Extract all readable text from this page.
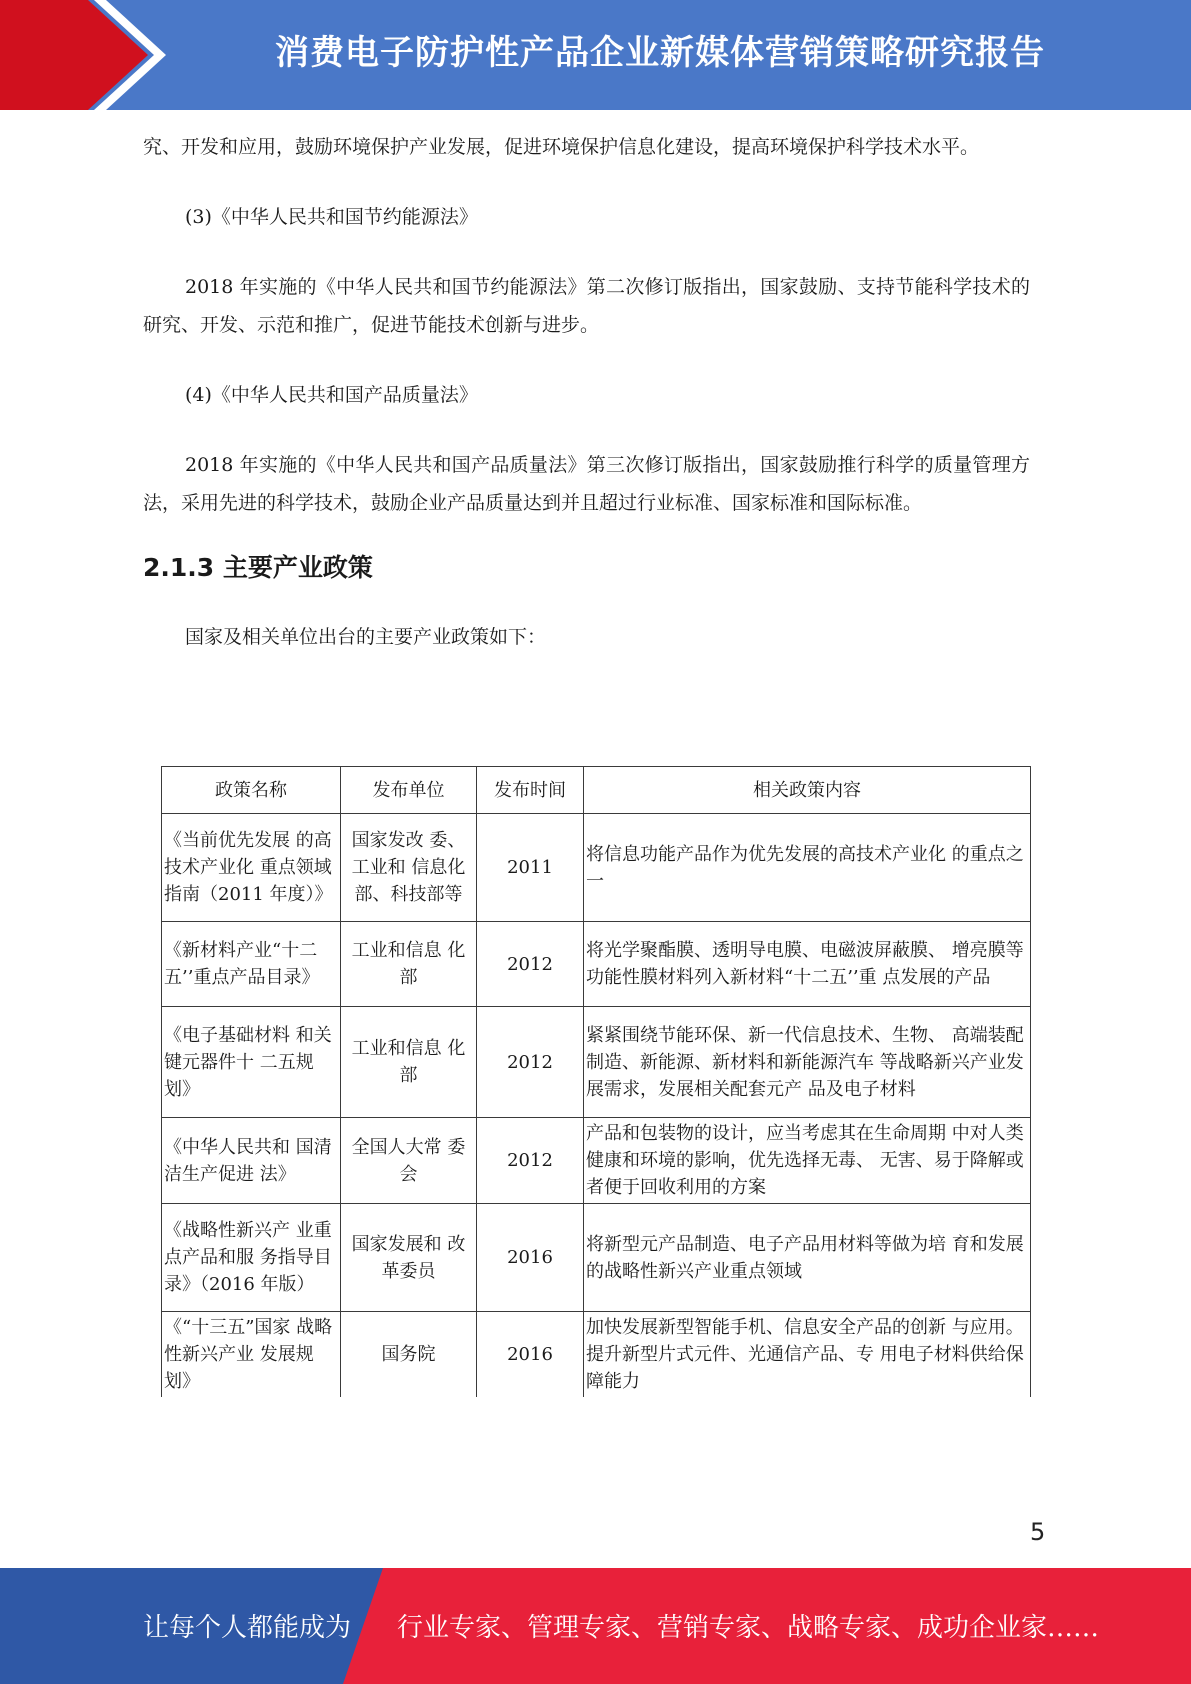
消费电子防护性产品企业新媒体营销策略研究报告

究、开发和应用，鼓励环境保护产业发展，促进环境保护信息化建设，提高环境保护科学技术水平。

(3)《中华人民共和国节约能源法》

2018 年实施的《中华人民共和国节约能源法》第二次修订版指出，国家鼓励、支持节能科学技术的研究、开发、示范和推广，促进节能技术创新与进步。

(4)《中华人民共和国产品质量法》

2018 年实施的《中华人民共和国产品质量法》第三次修订版指出，国家鼓励推行科学的质量管理方法，采用先进的科学技术，鼓励企业产品质量达到并且超过行业标准、国家标准和国际标准。

2.1.3 主要产业政策

国家及相关单位出台的主要产业政策如下：

政策名称	发布单位	发布时间	相关政策内容
《当前优先发展 的高技术产业化 重点领域指南（2011 年度）》	国家发改 委、工业和 信息化部、科技部等	2011	将信息功能产品作为优先发展的高技术产业化 的重点之一
《新材料产业“十二五’’重点产品目录》	工业和信息 化部	2012	将光学聚酯膜、透明导电膜、电磁波屏蔽膜、 增亮膜等功能性膜材料列入新材料“十二五’’重 点发展的产品
《电子基础材料 和关键元器件十 二五规划》	工业和信息 化部	2012	紧紧围绕节能环保、新一代信息技术、生物、 高端装配制造、新能源、新材料和新能源汽车 等战略新兴产业发展需求，发展相关配套元产 品及电子材料
《中华人民共和 国清洁生产促进 法》	全国人大常 委会	2012	产品和包装物的设计，应当考虑其在生命周期 中对人类健康和环境的影响，优先选择无毒、 无害、易于降解或者便于回收利用的方案
《战略性新兴产 业重点产品和服 务指导目录》（2016 年版）	国家发展和 改革委员	2016	将新型元产品制造、电子产品用材料等做为培 育和发展的战略性新兴产业重点领域
《“十三五”国家 战略性新兴产业 发展规划》	国务院	2016	加快发展新型智能手机、信息安全产品的创新 与应用。提升新型片式元件、光通信产品、专 用电子材料供给保障能力
5
让每个人都能成为 行业专家、管理专家、营销专家、战略专家、成功企业家……
